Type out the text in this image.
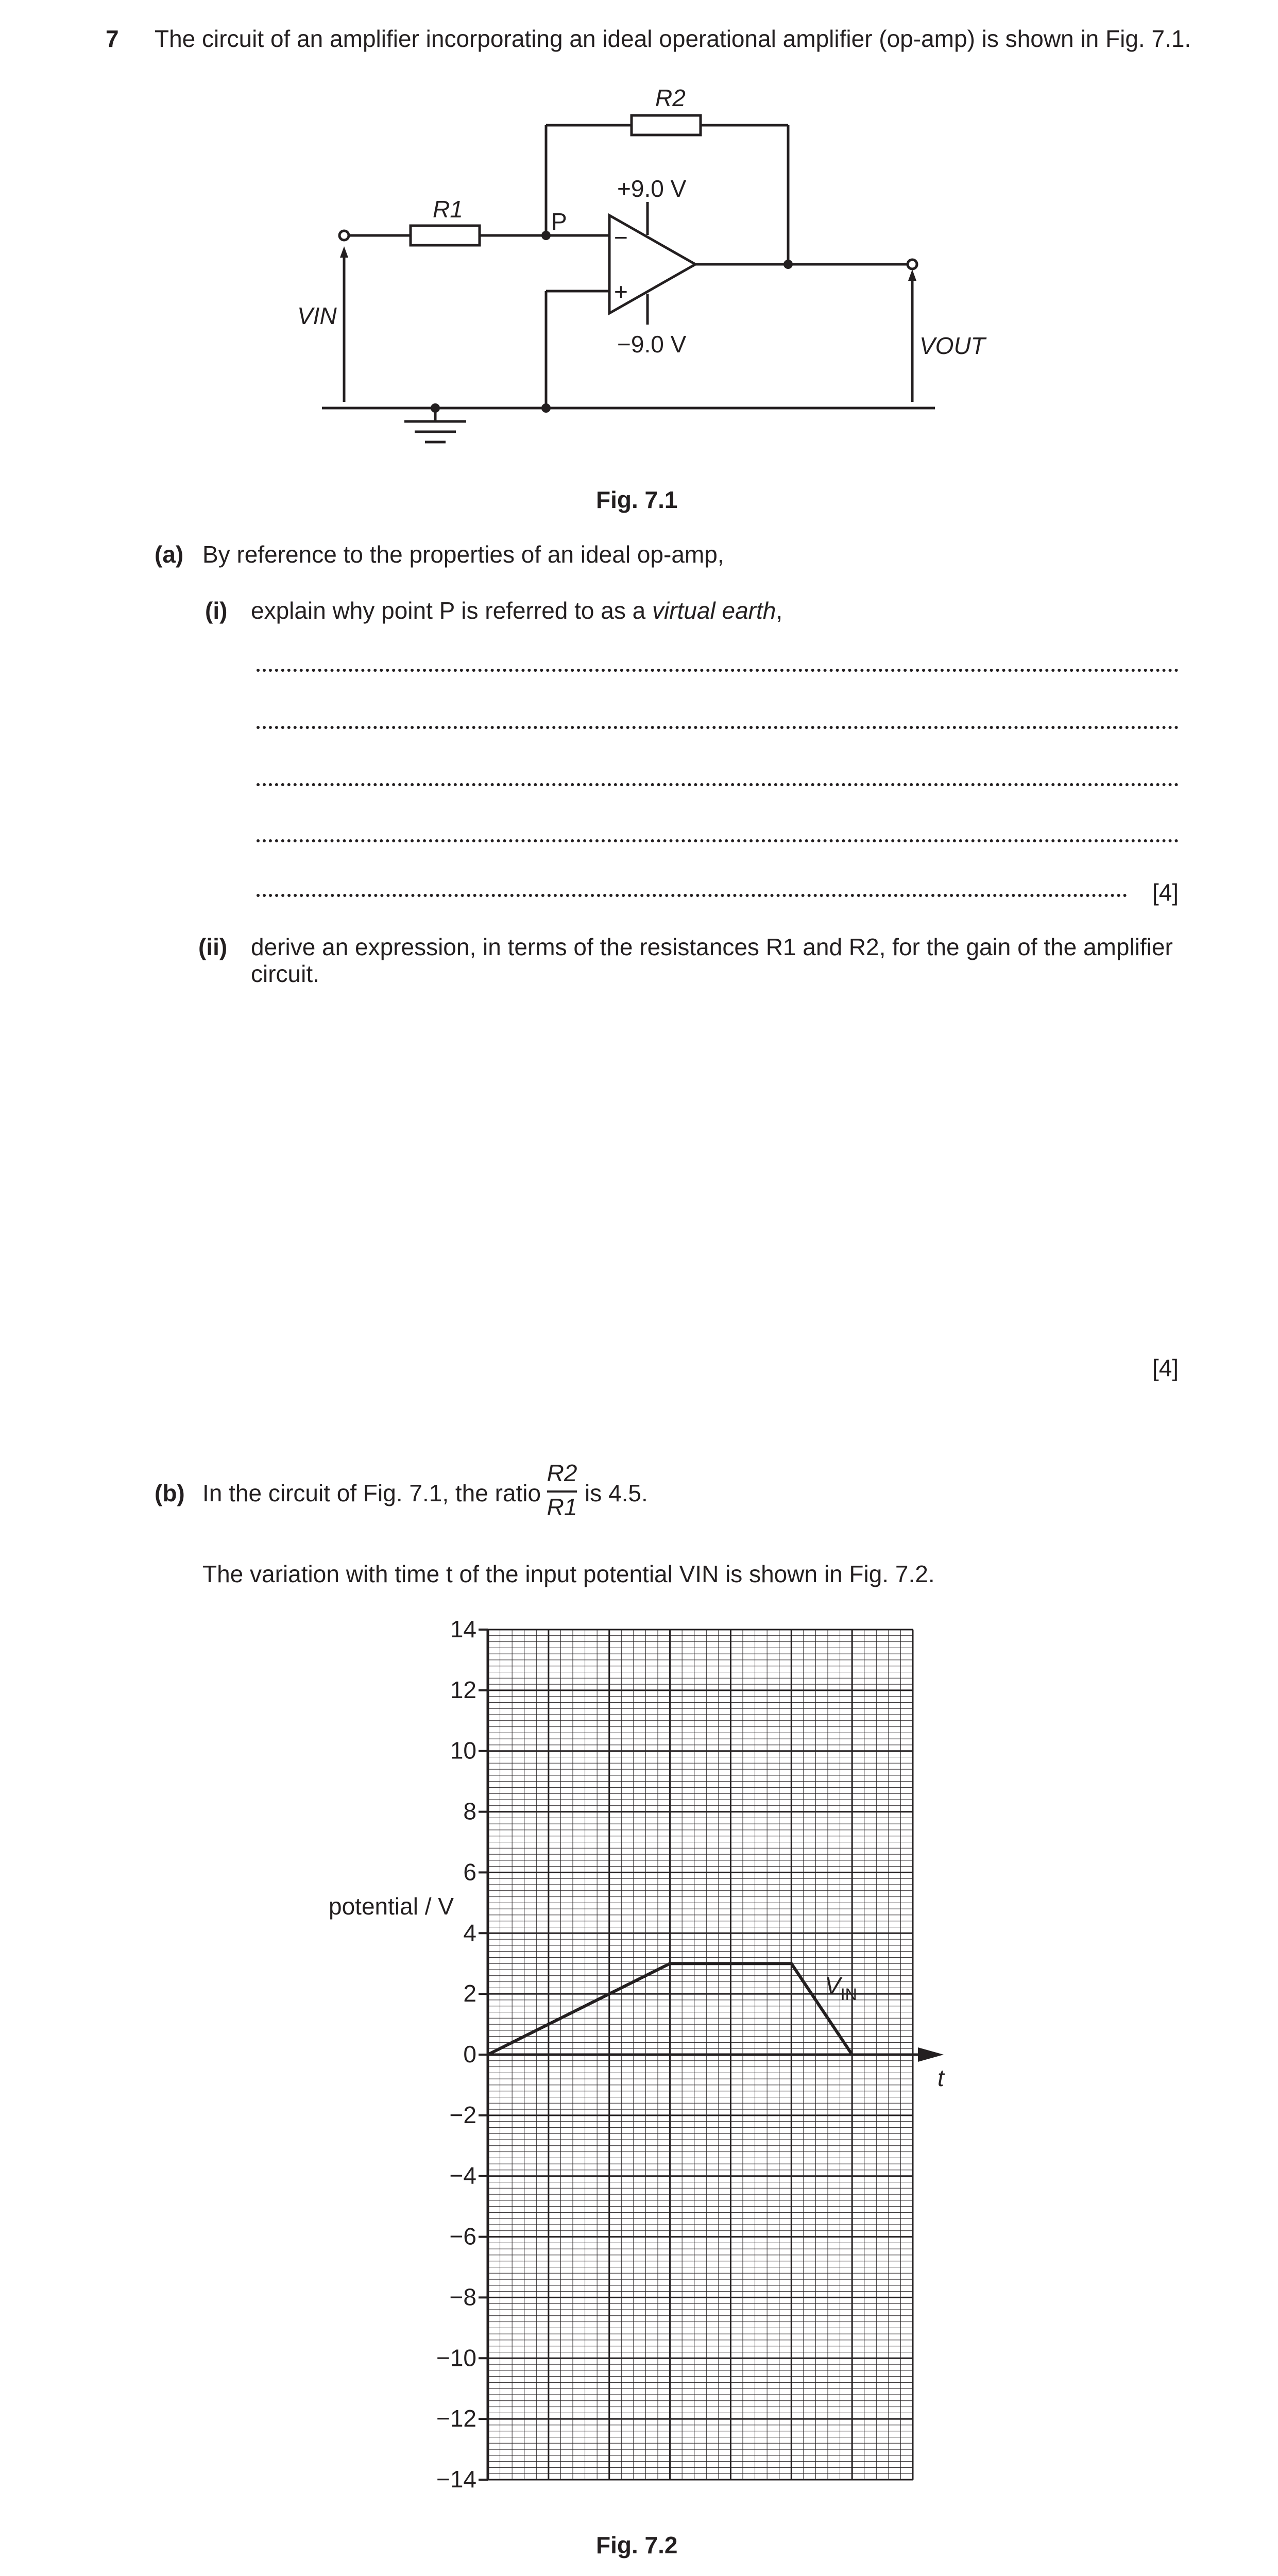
7 The circuit of an amplifier incorporating an ideal operational amplifier (op-amp) is shown in Fig. 7.1.
R2
R1	P
+9.0 V
−9.0 V
−
+
VIN
VOUT
Fig. 7.1
(a) By reference to the properties of an ideal op-amp,
(i) explain why point P is referred to as a virtual earth,
[4]
(ii) derive an expression, in terms of the resistances R1 and R2, for the gain of the amplifier
circuit.
[4]
(b) In the circuit of Fig. 7.1, the ratio
R2
R1
is 4.5.
The variation with time t of the input potential VIN is shown in Fig. 7.2.
14
12
10
8
6
4
2
0
−2
−4
−6
−8
−10
−12
−14
$V_{IN}$
potential / V
t
Fig. 7.2
